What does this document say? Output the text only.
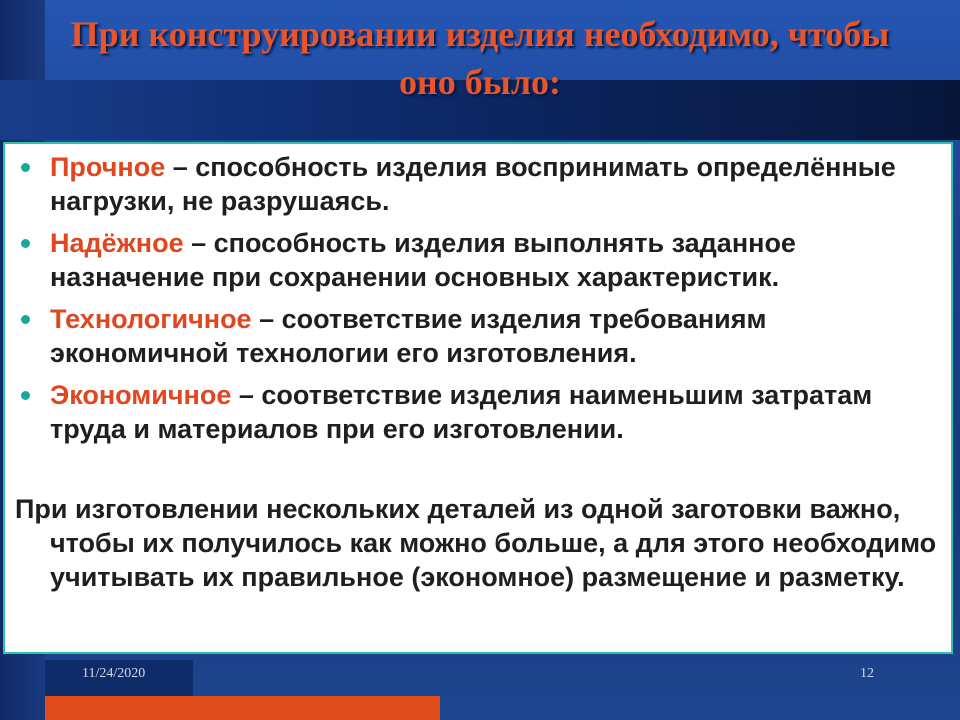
При конструировании изделия необходимо, чтобы оно было:
Прочное – способность изделия воспринимать определённые нагрузки, не разрушаясь.
Надёжное – способность изделия выполнять заданное назначение при сохранении основных характеристик.
Технологичное – соответствие изделия требованиям экономичной технологии его изготовления.
Экономичное – соответствие изделия наименьшим затратам труда и материалов при его изготовлении.
При изготовлении нескольких деталей из одной заготовки важно, чтобы их получилось как можно больше, а для этого необходимо учитывать их правильное (экономное) размещение и разметку.
11/24/2020	12
